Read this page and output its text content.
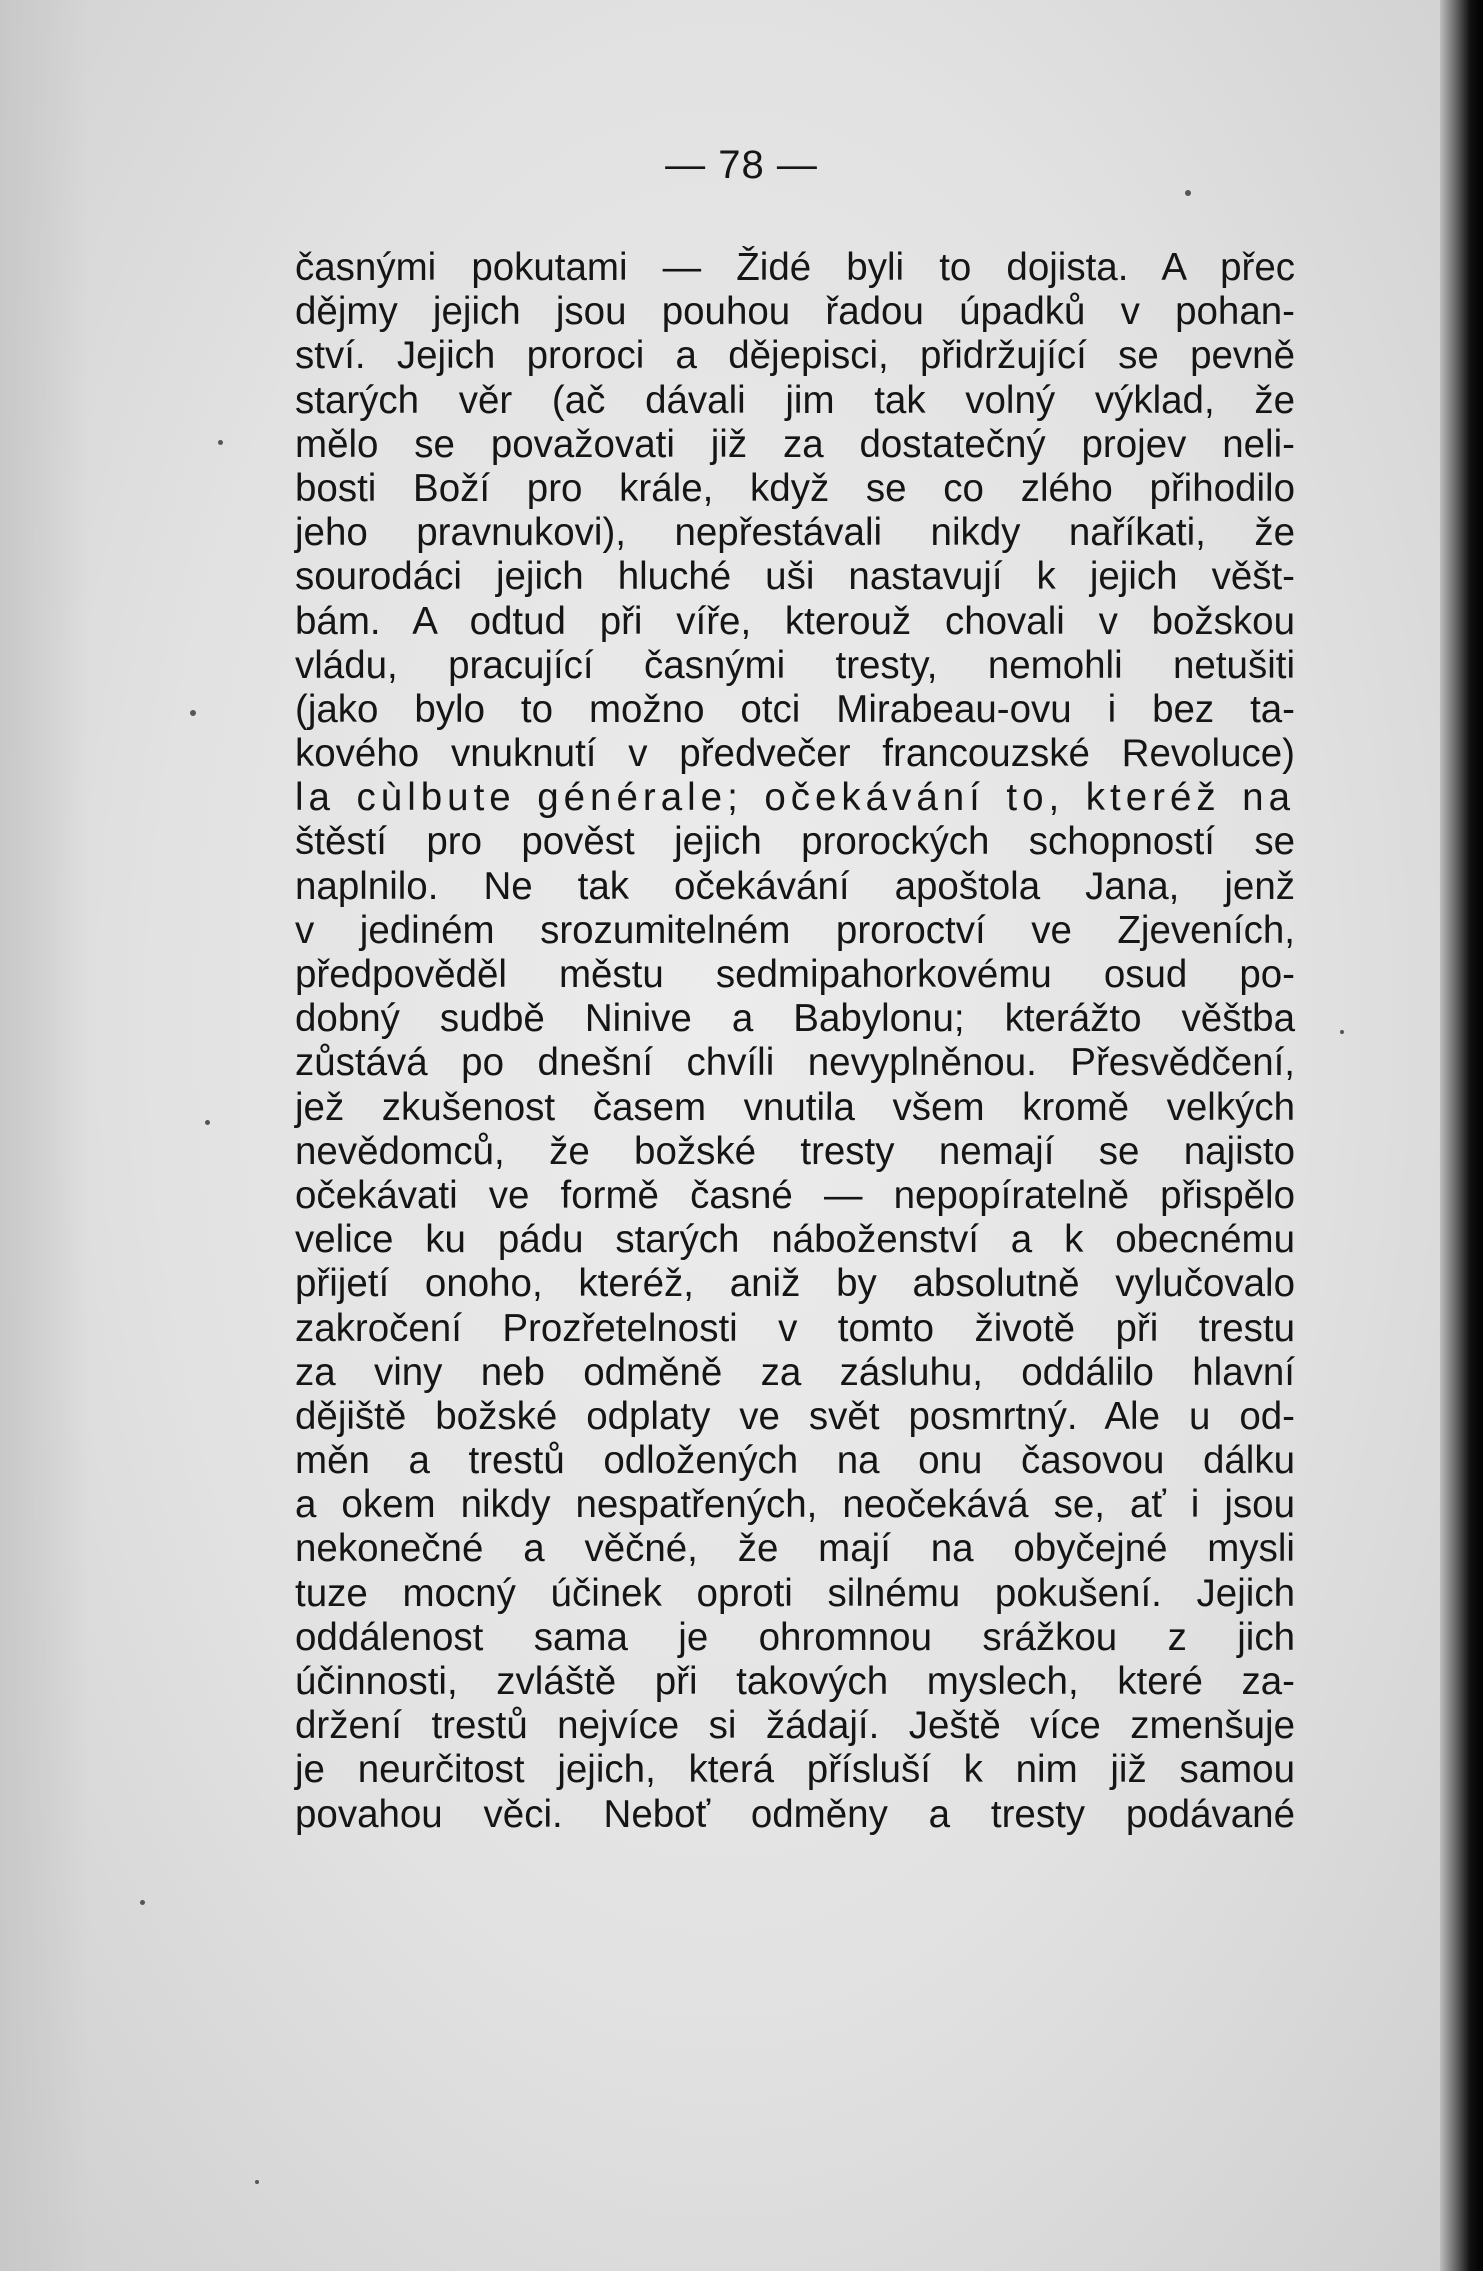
— 78 —
časnými pokutami — Židé byli to dojista. A přec
dějmy jejich jsou pouhou řadou úpadků v pohan-
ství. Jejich proroci a dějepisci, přidržující se pevně
starých věr (ač dávali jim tak volný výklad, že
mělo se považovati již za dostatečný projev neli-
bosti Boží pro krále, když se co zlého přihodilo
jeho pravnukovi), nepřestávali nikdy naříkati, že
sourodáci jejich hluché uši nastavují k jejich věšt-
bám. A odtud při víře, kterouž chovali v božskou
vládu, pracující časnými tresty, nemohli netušiti
(jako bylo to možno otci Mirabeau-ovu i bez ta-
kového vnuknutí v předvečer francouzské Revoluce)
la cùlbute générale; očekávání to, kteréž na
štěstí pro pověst jejich prorockých schopností se
naplnilo. Ne tak očekávání apoštola Jana, jenž
v jediném srozumitelném proroctví ve Zjeveních,
předpověděl městu sedmipahorkovému osud po-
dobný sudbě Ninive a Babylonu; kterážto věštba
zůstává po dnešní chvíli nevyplněnou. Přesvědčení,
jež zkušenost časem vnutila všem kromě velkých
nevědomců, že božské tresty nemají se najisto
očekávati ve formě časné — nepopíratelně přispělo
velice ku pádu starých náboženství a k obecnému
přijetí onoho, kteréž, aniž by absolutně vylučovalo
zakročení Prozřetelnosti v tomto životě při trestu
za viny neb odměně za zásluhu, oddálilo hlavní
dějiště božské odplaty ve svět posmrtný. Ale u od-
měn a trestů odložených na onu časovou dálku
a okem nikdy nespatřených, neočekává se, ať i jsou
nekonečné a věčné, že mají na obyčejné mysli
tuze mocný účinek oproti silnému pokušení. Jejich
oddálenost sama je ohromnou srážkou z jich
účinnosti, zvláště při takových myslech, které za-
držení trestů nejvíce si žádají. Ještě více zmenšuje
je neurčitost jejich, která přísluší k nim již samou
povahou věci. Neboť odměny a tresty podávané
